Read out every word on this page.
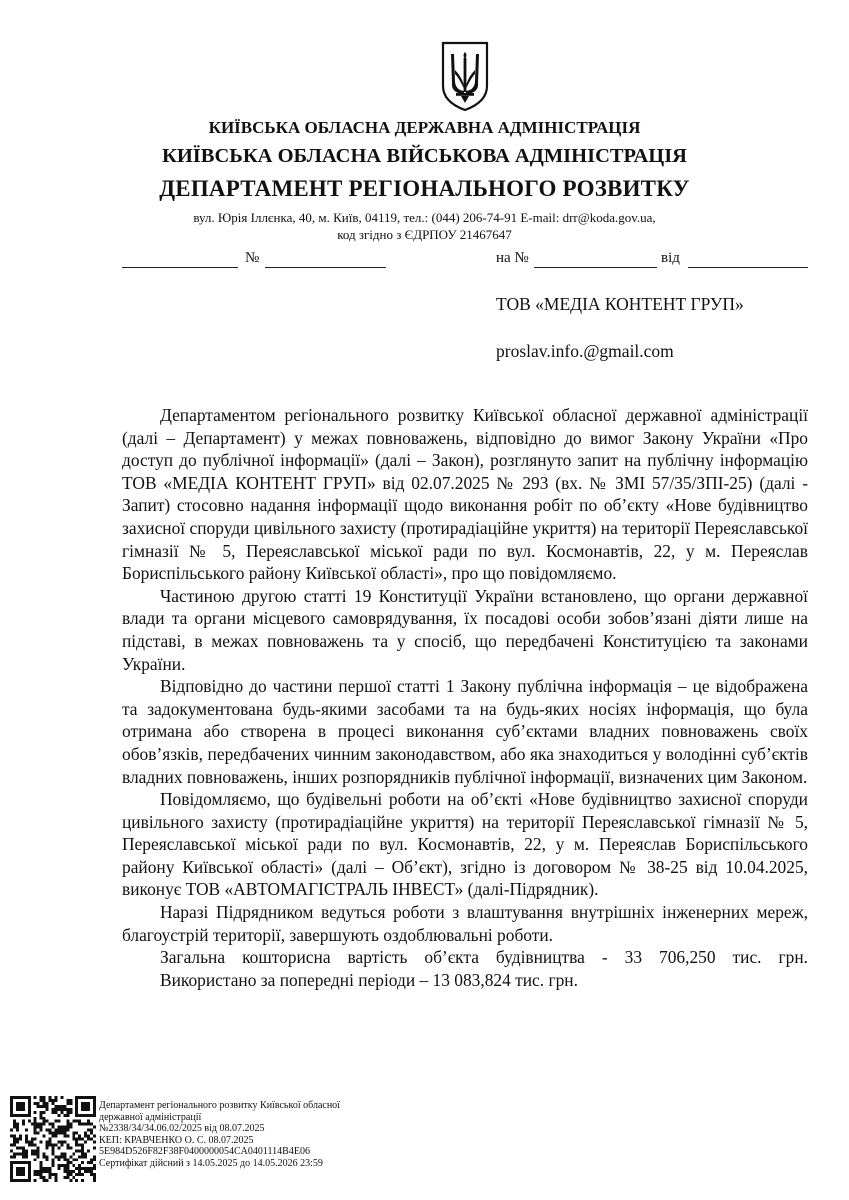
КИЇВСЬКА ОБЛАСНА ДЕРЖАВНА АДМІНІСТРАЦІЯ
КИЇВСЬКА ОБЛАСНА ВІЙСЬКОВА АДМІНІСТРАЦІЯ
ДЕПАРТАМЕНТ РЕГІОНАЛЬНОГО РОЗВИТКУ
вул. Юрія Іллєнка, 40, м. Київ, 04119, тел.: (044) 206-74-91 E-mail: drr@koda.gov.ua,
код згідно з ЄДРПОУ 21467647
№	на №	від
ТОВ «МЕДІА КОНТЕНТ ГРУП»
proslav.info.@gmail.com

Департаментом регіонального розвитку Київської обласної державної адміністрації (далі – Департамент) у межах повноважень, відповідно до вимог Закону України «Про доступ до публічної інформації» (далі – Закон), розглянуто запит на публічну інформацію ТОВ «МЕДІА КОНТЕНТ ГРУП» від 02.07.2025 № 293 (вх. № ЗМІ 57/35/ЗПІ-25) (далі - Запит) стосовно надання інформації щодо виконання робіт по об’єкту «Нове будівництво захисної споруди цивільного захисту (протирадіаційне укриття) на території Переяславської гімназії № 5, Переяславської міської ради по вул. Космонавтів, 22, у м. Переяслав Бориспільського району Київської області», про що повідомляємо.

Частиною другою статті 19 Конституції України встановлено, що органи державної влади та органи місцевого самоврядування, їх посадові особи зобов’язані діяти лише на підставі, в межах повноважень та у спосіб, що передбачені Конституцією та законами України.

Відповідно до частини першої статті 1 Закону публічна інформація – це відображена та задокументована будь-якими засобами та на будь-яких носіях інформація, що була отримана або створена в процесі виконання суб’єктами владних повноважень своїх обов’язків, передбачених чинним законодавством, або яка знаходиться у володінні суб’єктів владних повноважень, інших розпорядників публічної інформації, визначених цим Законом.

Повідомляємо, що будівельні роботи на об’єкті «Нове будівництво захисної споруди цивільного захисту (протирадіаційне укриття) на території Переяславської гімназії № 5, Переяславської міської ради по вул. Космонавтів, 22, у м. Переяслав Бориспільського району Київської області» (далі – Об’єкт), згідно із договором № 38-25 від 10.04.2025, виконує ТОВ «АВТОМАГІСТРАЛЬ ІНВЕСТ» (далі-Підрядник).

Наразі Підрядником ведуться роботи з влаштування внутрішніх інженерних мереж, благоустрій території, завершують оздоблювальні роботи.

Загальна кошторисна вартість об’єкта будівництва - 33 706,250 тис. грн.

Використано за попередні періоди – 13 083,824 тис. грн.

Департамент регіонального розвитку Київської обласної
державної адміністрації
№2338/34/34.06.02/2025 від 08.07.2025
КЕП: КРАВЧЕНКО О. С. 08.07.2025
5E984D526F82F38F0400000054CA0401114B4E06
Сертифікат дійсний з 14.05.2025 до 14.05.2026 23:59
